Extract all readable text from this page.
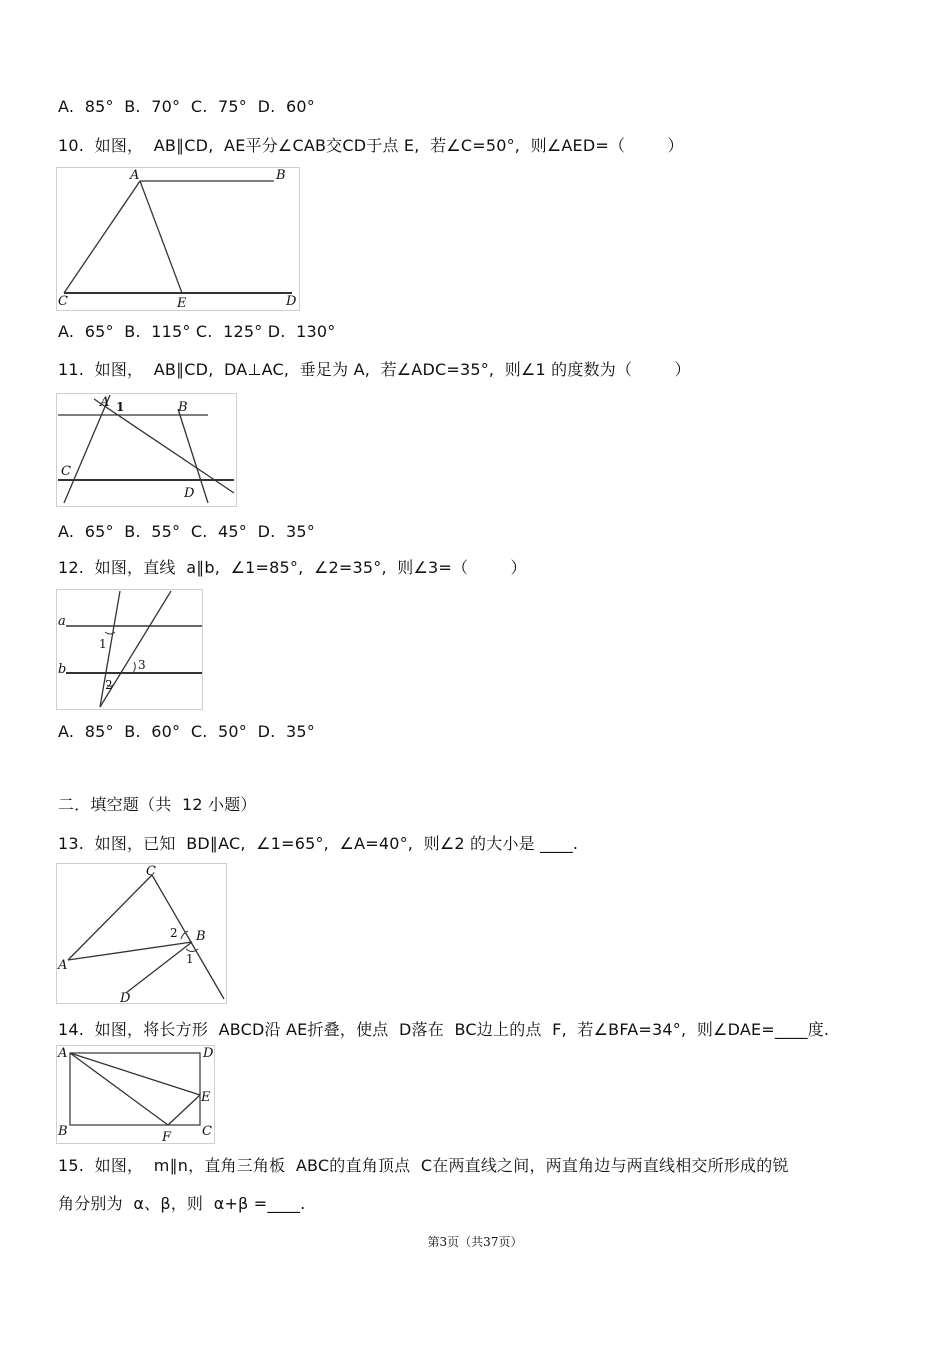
A.  85°  B.  70°  C.  75°  D.  60°
10.  如图，  AB∥CD,  AE平分∠CAB交CD于点 E,  若∠C=50°,  则∠AED=（        ）
A	B
C	E	D
A.  65°  B.  115° C.  125° D.  130°
11.  如图，  AB∥CD,  DA⊥AC,  垂足为 A,  若∠ADC=35°,  则∠1 的度数为（        ）
A 1	B
C
D
A.  65°  B.  55°  C.  45°  D.  35°
12.  如图，直线  a∥b,  ∠1=85°,  ∠2=35°,  则∠3=（        ）
a
b
1
2
3
A.  85°  B.  60°  C.  50°  D.  35°
二．填空题（共  12 小题）
13.  如图，已知  BD∥AC,  ∠1=65°,  ∠A=40°,  则∠2 的大小是 ____.
C
2 B
A	1
D
14.  如图，将长方形  ABCD沿 AE折叠，使点  D落在  BC边上的点  F,  若∠BFA=34°,  则∠DAE=____度.
A	D
E
B	F C
15.  如图，  m∥n，直角三角板  ABC的直角顶点  C在两直线之间，两直角边与两直线相交所形成的锐
角分别为  α、β，则  α+β =____.
第3页（共37页）
